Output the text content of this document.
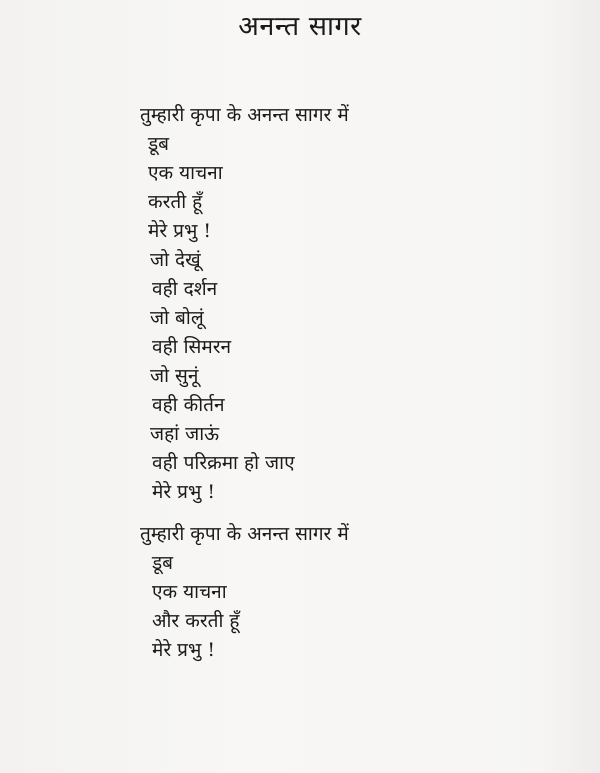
अनन्त सागर
तुम्हारी कृपा के अनन्त सागर में
डूब
एक याचना
करती हूँ
मेरे प्रभु !
जो देखूं
वही दर्शन
जो बोलूं
वही सिमरन
जो सुनूं
वही कीर्तन
जहां जाऊं
वही परिक्रमा हो जाए
मेरे प्रभु !
तुम्हारी कृपा के अनन्त सागर में
डूब
एक याचना
और करती हूँ
मेरे प्रभु !
